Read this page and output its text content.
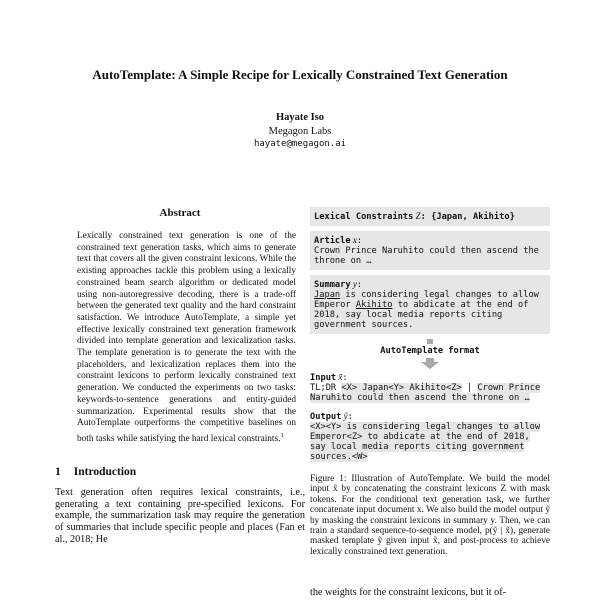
AutoTemplate: A Simple Recipe for Lexically Constrained Text Generation
Hayate Iso
Megagon Labs
hayate@megagon.ai
Abstract

Lexically constrained text generation is one of the constrained text generation tasks, which aims to generate text that covers all the given constraint lexicons. While the existing approaches tackle this problem using a lexically constrained beam search algorithm or dedicated model using non-autoregressive decoding, there is a trade-off between the generated text quality and the hard constraint satisfaction. We introduce AutoTemplate, a simple yet effective lexically constrained text generation framework divided into template generation and lexicalization tasks. The template generation is to generate the text with the placeholders, and lexicalization replaces them into the constraint lexicons to perform lexically constrained text generation. We conducted the experiments on two tasks: keywords-to-sentence generations and entity-guided summarization. Experimental results show that the AutoTemplate outperforms the competitive baselines on both tasks while satisfying the hard lexical constraints.$^1$

1 Introduction

Text generation often requires lexical constraints, i.e., generating a text containing pre-specified lexicons. For example, the summarization task may require the generation of summaries that include specific people and places (Fan et al., 2018; He

Lexical Constraints Z: {Japan, Akihito}
Article x:
Crown Prince Naruhito could then ascend the
throne on …
Summary y:
Japan is considering legal changes to allow
Emperor Akihito to abdicate at the end of
2018, say local media reports citing
government sources.
AutoTemplate format
Input x̃:
TL;DR <X> Japan<Y> Akihito<Z> | Crown Prince
Naruhito could then ascend the throne on …
Output ỹ:
<X><Y> is considering legal changes to allow
Emperor<Z> to abdicate at the end of 2018,
say local media reports citing government
sources.<W>

Figure 1: Illustration of AutoTemplate. We build the model input x̃ by concatenating the constraint lexicons Z with mask tokens. For the conditional text generation task, we further concatenate input document x. We also build the model output ỹ by masking the constraint lexicons in summary y. Then, we can train a standard sequence-to-sequence model, p(ỹ | x̃), generate masked template ỹ given input x̃, and post-process to achieve lexically constrained text generation.

the weights for the constraint lexicons, but it of-
